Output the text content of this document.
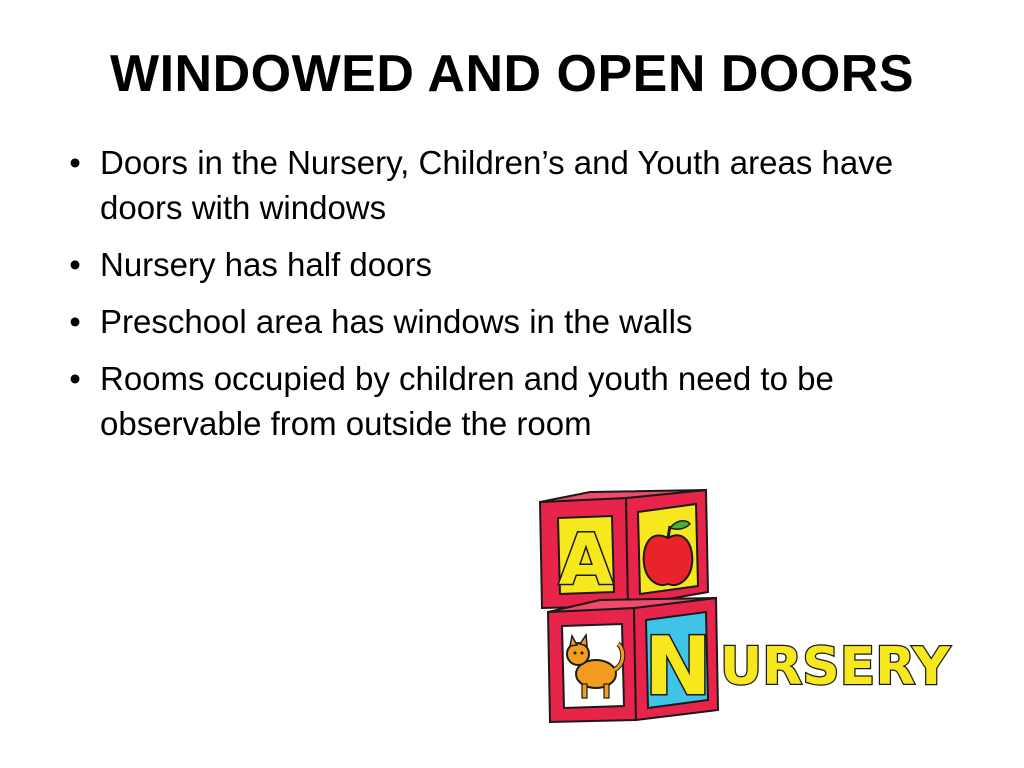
WINDOWED AND OPEN DOORS
• Doors in the Nursery, Children’s and Youth areas have doors with windows
• Nursery has half doors
• Preschool area has windows in the walls
• Rooms occupied by children and youth need to be observable from outside the room
A
N URSERY
